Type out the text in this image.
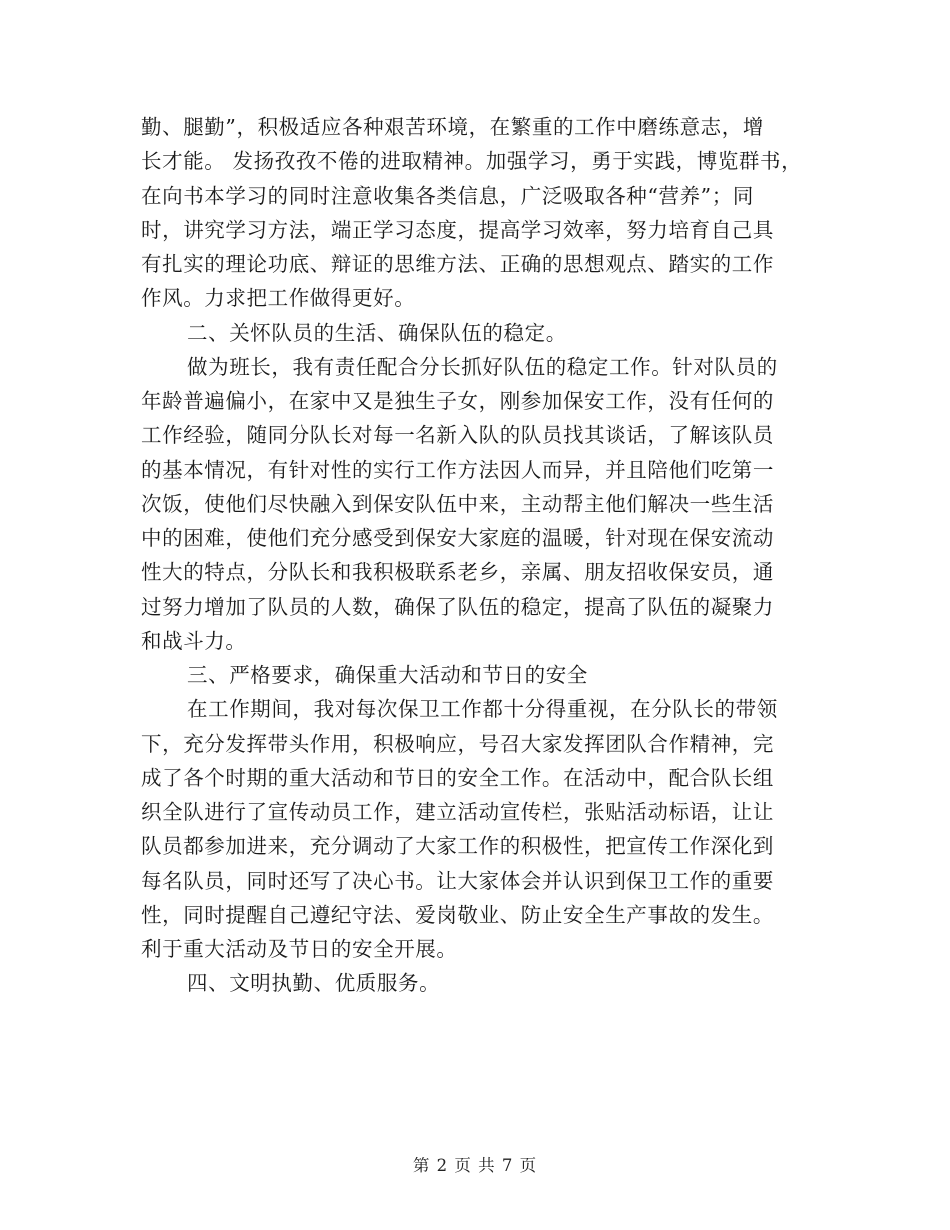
勤、腿勤”，积极适应各种艰苦环境，在繁重的工作中磨练意志，增
长才能。 发扬孜孜不倦的进取精神。加强学习，勇于实践，博览群书，
在向书本学习的同时注意收集各类信息，广泛吸取各种“营养”；同
时，讲究学习方法，端正学习态度，提高学习效率，努力培育自己具
有扎实的理论功底、辩证的思维方法、正确的思想观点、踏实的工作
作风。力求把工作做得更好。
二、关怀队员的生活、确保队伍的稳定。
做为班长，我有责任配合分长抓好队伍的稳定工作。针对队员的
年龄普遍偏小，在家中又是独生子女，刚参加保安工作，没有任何的
工作经验，随同分队长对每一名新入队的队员找其谈话，了解该队员
的基本情况，有针对性的实行工作方法因人而异，并且陪他们吃第一
次饭，使他们尽快融入到保安队伍中来，主动帮主他们解决一些生活
中的困难，使他们充分感受到保安大家庭的温暖，针对现在保安流动
性大的特点，分队长和我积极联系老乡，亲属、朋友招收保安员，通
过努力增加了队员的人数，确保了队伍的稳定，提高了队伍的凝聚力
和战斗力。
三、严格要求，确保重大活动和节日的安全
在工作期间，我对每次保卫工作都十分得重视，在分队长的带领
下，充分发挥带头作用，积极响应，号召大家发挥团队合作精神，完
成了各个时期的重大活动和节日的安全工作。在活动中，配合队长组
织全队进行了宣传动员工作，建立活动宣传栏，张贴活动标语，让让
队员都参加进来，充分调动了大家工作的积极性，把宣传工作深化到
每名队员，同时还写了决心书。让大家体会并认识到保卫工作的重要
性，同时提醒自己遵纪守法、爱岗敬业、防止安全生产事故的发生。
利于重大活动及节日的安全开展。
四、文明执勤、优质服务。
第 2 页 共 7 页
